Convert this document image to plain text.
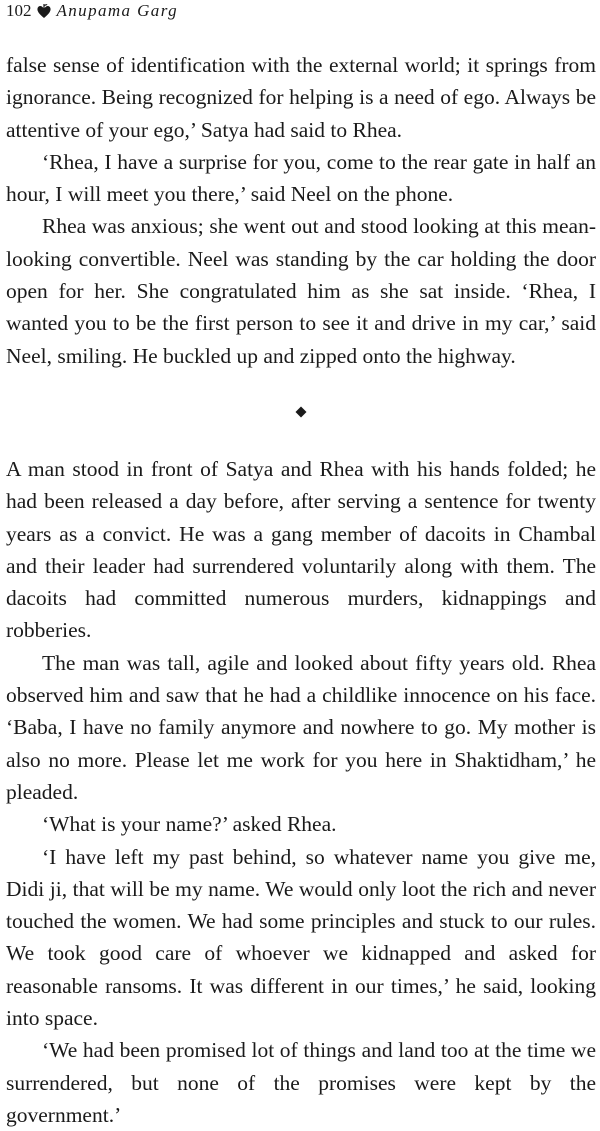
102 Anupama Garg

false sense of identification with the external world; it springs from ignorance. Being recognized for helping is a need of ego. Always be attentive of your ego,’ Satya had said to Rhea.

‘Rhea, I have a surprise for you, come to the rear gate in half an hour, I will meet you there,’ said Neel on the phone.

Rhea was anxious; she went out and stood looking at this mean-looking convertible. Neel was standing by the car holding the door open for her. She congratulated him as she sat inside. ‘Rhea, I wanted you to be the first person to see it and drive in my car,’ said Neel, smiling. He buckled up and zipped onto the highway.

A man stood in front of Satya and Rhea with his hands folded; he had been released a day before, after serving a sentence for twenty years as a convict. He was a gang member of dacoits in Chambal and their leader had surrendered voluntarily along with them. The dacoits had committed numerous murders, kidnappings and robberies.

The man was tall, agile and looked about fifty years old. Rhea observed him and saw that he had a childlike innocence on his face. ‘Baba, I have no family anymore and nowhere to go. My mother is also no more. Please let me work for you here in Shaktidham,’ he pleaded.

‘What is your name?’ asked Rhea.

‘I have left my past behind, so whatever name you give me, Didi ji, that will be my name. We would only loot the rich and never touched the women. We had some principles and stuck to our rules. We took good care of whoever we kidnapped and asked for reasonable ransoms. It was different in our times,’ he said, looking into space.

‘We had been promised lot of things and land too at the time we surrendered, but none of the promises were kept by the government.’
